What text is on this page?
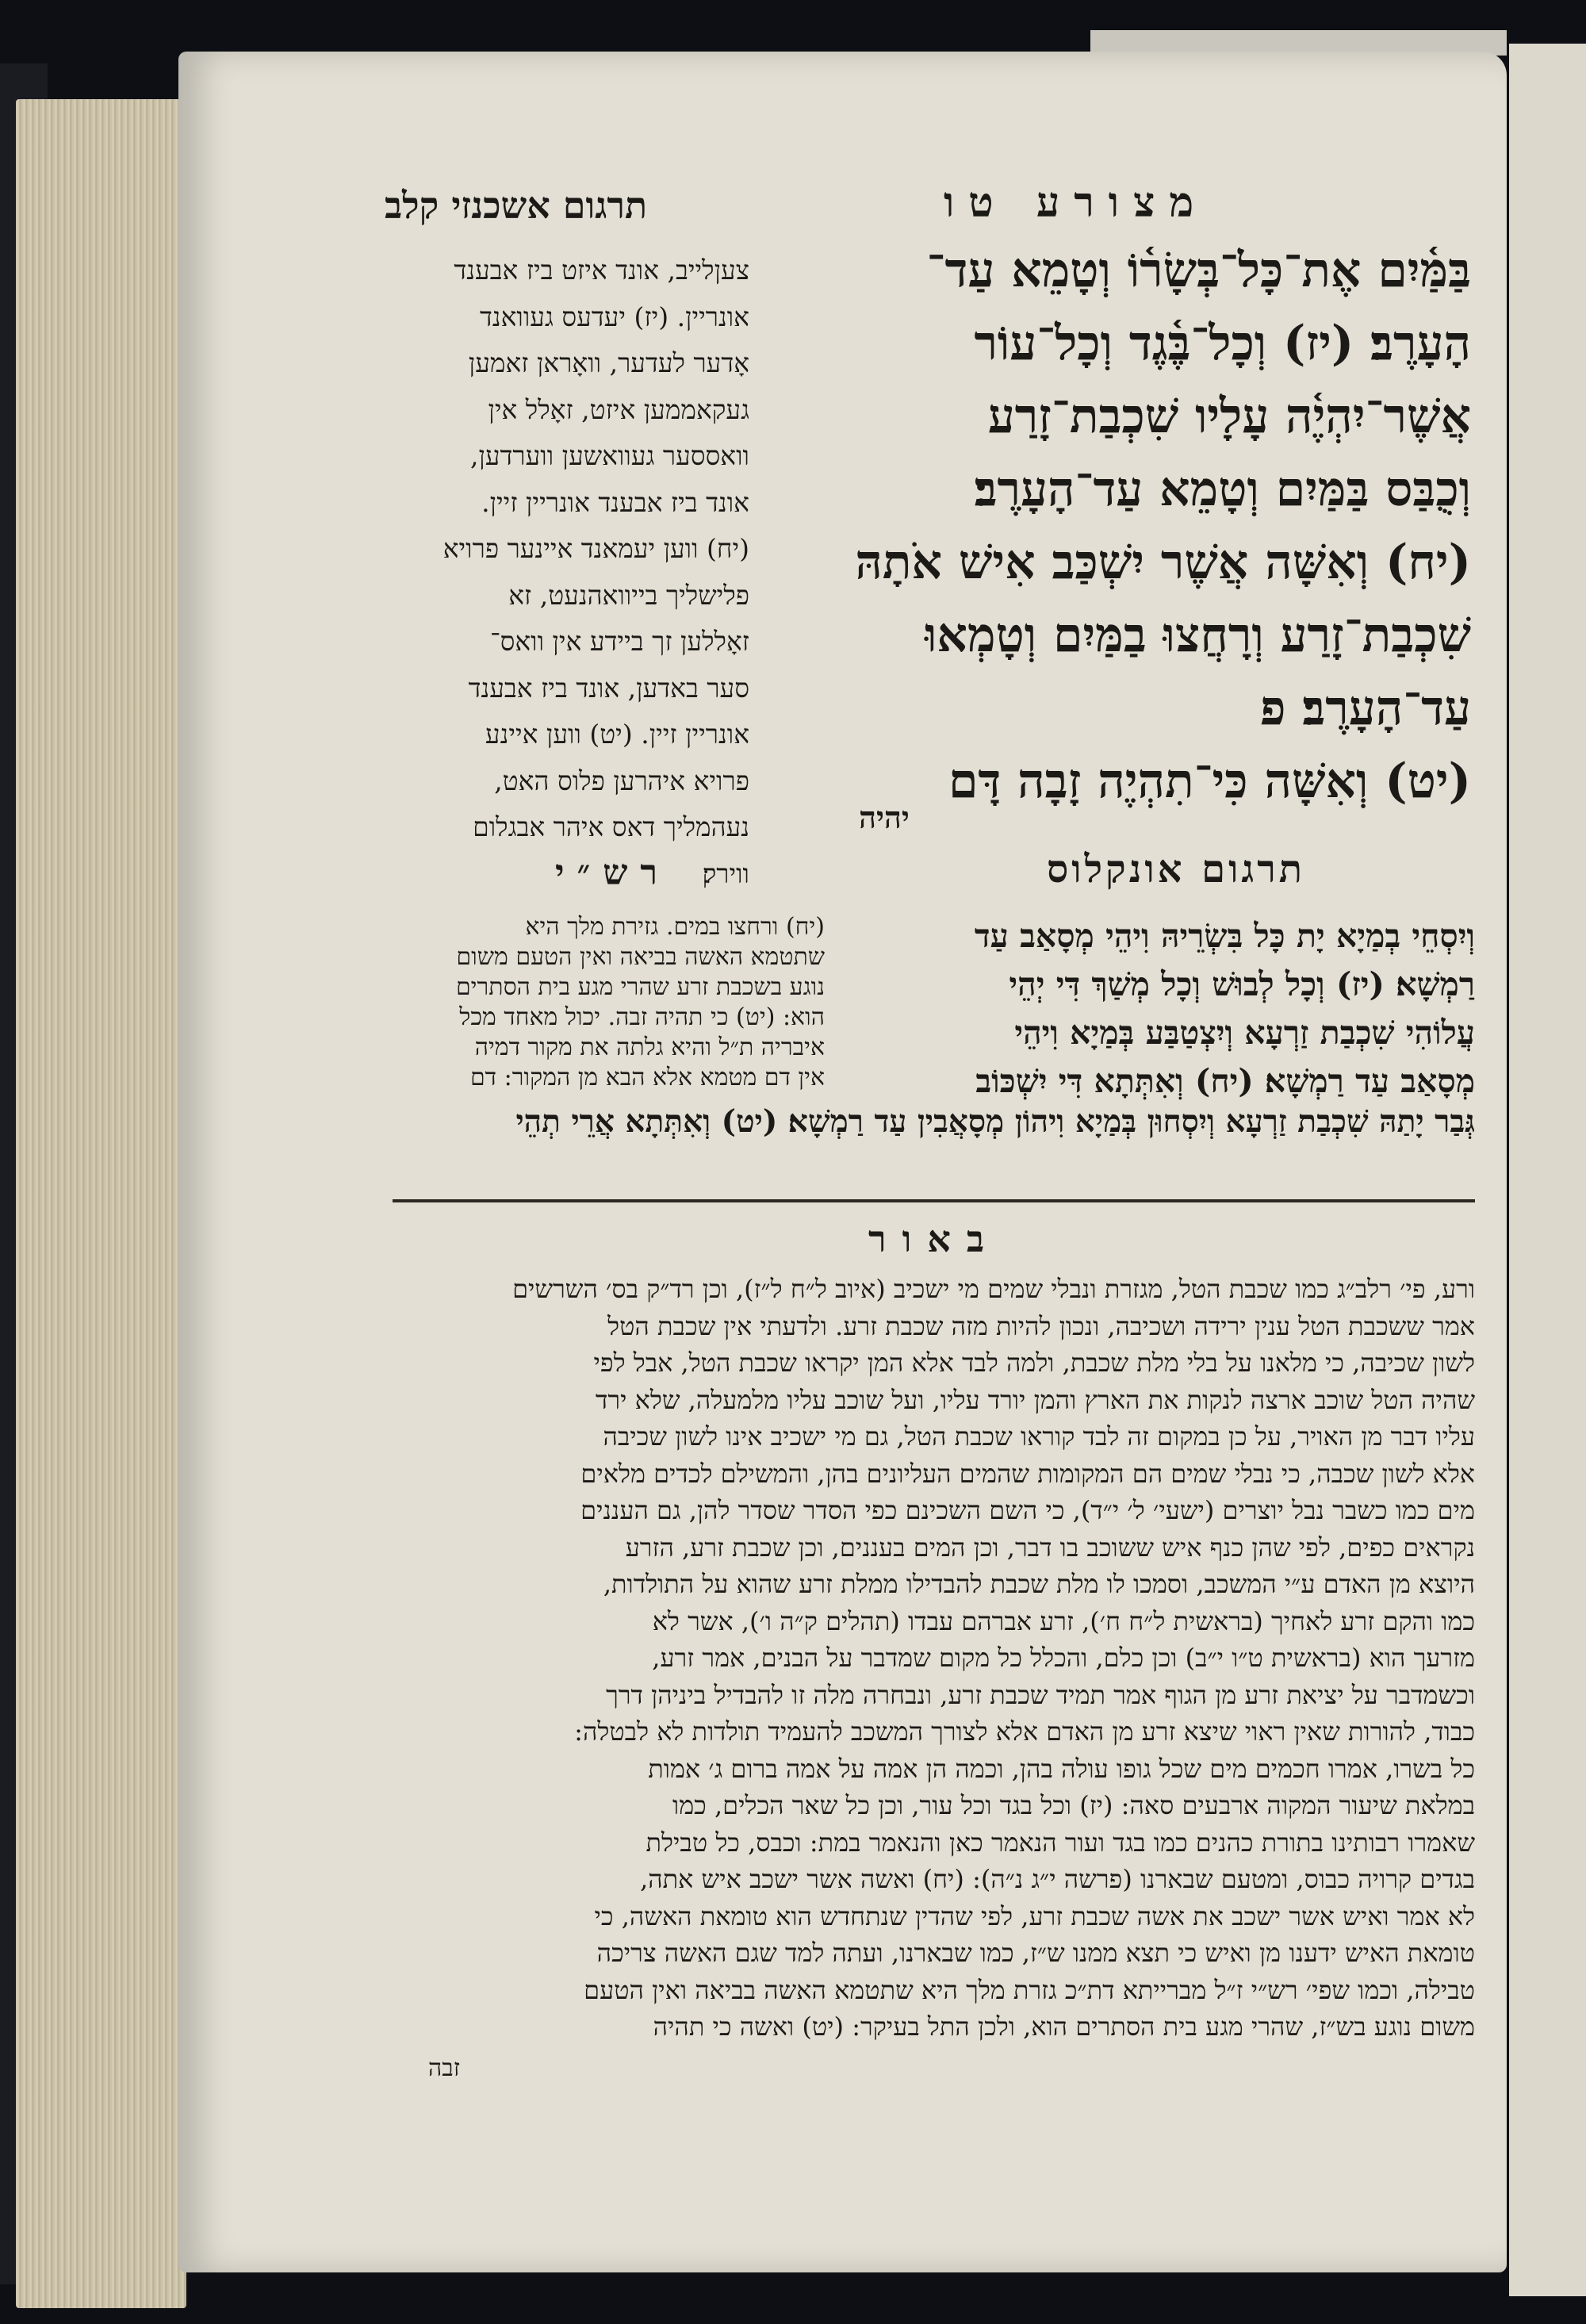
מצורע טו
תרגום אשכנזי קלב

בַּמַּ֫יִם אֶת־כָּל־בְּשָׂר֫וֹ וְטָמֵא עַד־

הָעָרֶב׃ (יז) וְכָל־בֶּ֫גֶד וְכָל־עוֹר

אֲשֶׁר־יִהְיֶ֫ה עָלָיו שִׁכְבַת־זָרַע

וְכֻבַּס בַּמַּיִם וְטָמֵא עַד־הָעָרֶב׃

(יח) וְאִשָּׁה אֲשֶׁר יִשְׁכַּב אִישׁ אֹתָהּ

שִׁכְבַת־זָרַע וְרָחֲצוּ בַמַּיִם וְטָמְאוּ

עַד־הָעָרֶב׃ פ

(יט) וְאִשָּׁה כִּי־תִהְיֶה זָבָה דָּם

יהיה

צעןלייב, אונד איזט ביז אבענד

אונריין. (יז) יעדעס געוואנד

אָדער לעדער, וואָראן זאמען

געקאממען איזט, זאָלל אין

וואססער געוואשען ווערדען,

אונד ביז אבענד אונריין זיין.

(יח) ווען יעמאנד איינער פרויא

פלישליך בייוואהנעט, זא

זאָללען זך ביידע אין וואס־

סער באדען, אונד ביז אבענד

אונריין זיין. (יט) ווען איינע

פרויא איהרען פלוס האט,

נעהמליך דאס איהר אבגלום

ווירק׃	תרגום אונקלוס
רש״י

וְיִסְחֵי בְמַיָא יָת כָּל בִּשְׂרֵיהּ וִיהֵי מְסָאַב עַד

רַמְשָׁא׃ (יז) וְכָל לְבוּשׁ וְכָל מְשַׁךְ דִּי יְהֵי

עֲלוֹהִי שִׁכְבַת זַרְעָא וְיִצְטַבַּע בְּמַיָא וִיהֵי

מְסָאַב עַד רַמְשָׁא׃ (יח) וְאִתְּתָא דִּי יִשְׁכּוֹב

(יח) ורחצו במים. גזירת מלך היא

שתטמא האשה בביאה ואין הטעם משום

נוגע בשכבת זרע שהרי מגע בית הסתרים

הוא: (יט) כי תהיה זבה. יכול מאחד מכל

איבריה ת״ל והיא גלתה את מקור דמיה

אין דם מטמא אלא הבא מן המקור: דם

גְּבַר יָתַהּ שִׁכְבַת זַרְעָא וְיִסְחוּן בְּמַיָא וִיהוֹן מְסָאֲבִין עַד רַמְשָׁא׃ (יט) וְאִתְּתָא אֲרֵי תְהֵי
באור

ורע, פי׳ רלב״ג כמו שכבת הטל, מגזרת ונבלי שמים מי ישכיב (איוב ל״ח ל״ז), וכן רד״ק בס׳ השרשים

אמר ששכבת הטל ענין ירידה ושכיבה, ונכון להיות מזה שכבת זרע. ולדעתי אין שכבת הטל

לשון שכיבה, כי מלאנו על בלי מלת שכבת, ולמה לבד אלא המן יקראו שכבת הטל, אבל לפי

שהיה הטל שוכב ארצה לנקות את הארץ והמן יורד עליו, ועל שוכב עליו מלמעלה, שלא ירד

עליו דבר מן האויר, על כן במקום זה לבד קוראו שכבת הטל, גם מי ישכיב אינו לשון שכיבה

אלא לשון שכבה, כי נבלי שמים הם המקומות שהמים העליונים בהן, והמשילם לכדים מלאים

מים כמו כשבר נבל יוצרים (ישעי׳ ל׳ י״ד), כי השם השכינם כפי הסדר שסדר להן, גם העננים

נקראים כפים, לפי שהן כנף איש ששוכב בו דבר, וכן המים בעננים, וכן שכבת זרע, הזרע

היוצא מן האדם ע״י המשכב, וסמכו לו מלת שכבת להבדילו ממלת זרע שהוא על התולדות,

כמו והקם זרע לאחיך (בראשית ל״ח ח׳), זרע אברהם עבדו (תהלים ק״ה ו׳), אשר לא

מזרעך הוא (בראשית ט״ו י״ב) וכן כלם, והכלל כל מקום שמדבר על הבנים, אמר זרע,

וכשמדבר על יציאת זרע מן הגוף אמר תמיד שכבת זרע, ונבחרה מלה זו להבדיל ביניהן דרך

כבוד, להורות שאין ראוי שיצא זרע מן האדם אלא לצורך המשכב להעמיד תולדות לא לבטלה:

כל בשרו, אמרו חכמים מים שכל גופו עולה בהן, וכמה הן אמה על אמה ברום ג׳ אמות

במלאת שיעור המקוה ארבעים סאה: (יז) וכל בגד וכל עור, וכן כל שאר הכלים, כמו

שאמרו רבותינו בתורת כהנים כמו בגד ועור הנאמר כאן והנאמר במת: וכבס, כל טבילת

בגדים קרויה כבוס, ומטעם שבארנו (פרשה י״ג נ״ה): (יח) ואשה אשר ישכב איש אתה,

לא אמר ואיש אשר ישכב את אשה שכבת זרע, לפי שהדין שנתחדש הוא טומאת האשה, כי

טומאת האיש ידענו מן ואיש כי תצא ממנו ש״ז, כמו שבארנו, ועתה למד שגם האשה צריכה

טבילה, וכמו שפי׳ רש״י ז״ל מברייתא דת״כ גזרת מלך היא שתטמא האשה בביאה ואין הטעם

משום נוגע בש״ז, שהרי מגע בית הסתרים הוא, ולכן התל בעיקר: (יט) ואשה כי תהיה

זבה
